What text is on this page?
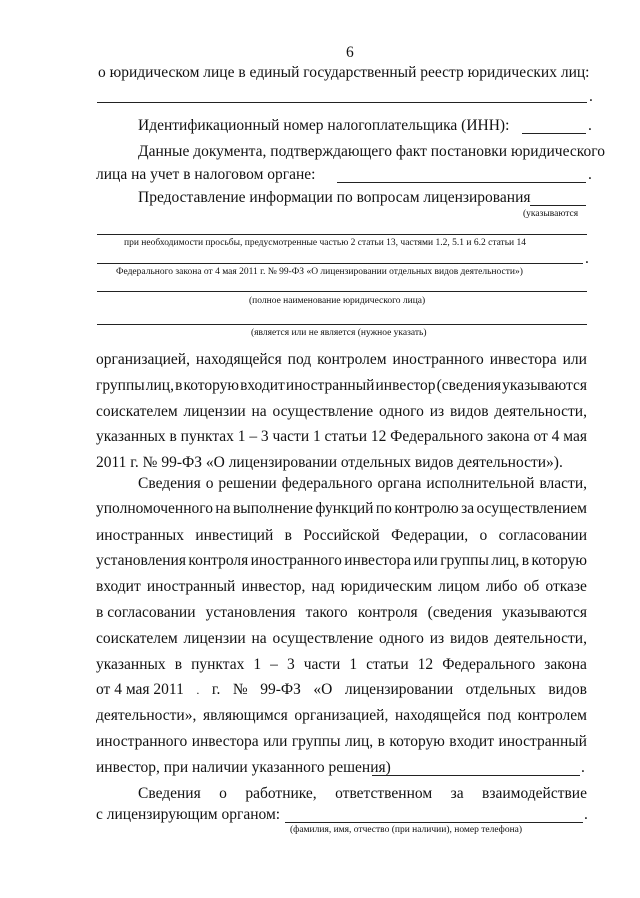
6
о юридическом лице в единый государственный реестр юридических лиц:
.
Идентификационный номер налогоплательщика (ИНН):	.
Данные документа, подтверждающего факт постановки юридического
лица на учет в налоговом органе:	.
Предоставление информации по вопросам лицензирования
(указываются
при необходимости просьбы, предусмотренные частью 2 статьи 13, частями 1.2, 5.1 и 6.2 статьи 14
.
Федерального закона от 4 мая 2011 г. № 99-ФЗ «О лицензировании отдельных видов деятельности»)
(полное наименование юридического лица)
(является или не является (нужное указать)
организацией, находящейся под контролем иностранного инвестора или
группы лиц, в которую входит иностранный инвестор (сведения указываются
соискателем лицензии на осуществление одного из видов деятельности,
указанных в пунктах 1 – 3 части 1 статьи 12 Федерального закона от 4 мая
2011 г. № 99-ФЗ «О лицензировании отдельных видов деятельности»).
Сведения о решении федерального органа исполнительной власти,
уполномоченного на выполнение функций по контролю за осуществлением
иностранных инвестиций в Российской Федерации, о согласовании
установления контроля иностранного инвестора или группы лиц, в которую
входит иностранный инвестор, над юридическим лицом либо об отказе
в согласовании установления такого контроля (сведения указываются
соискателем лицензии на осуществление одного из видов деятельности,
указанных в пунктах 1 – 3 части 1 статьи 12 Федерального закона
от 4 мая 2011 . г. № 99-ФЗ «О лицензировании отдельных видов
деятельности», являющимся организацией, находящейся под контролем
иностранного инвестора или группы лиц, в которую входит иностранный
инвестор, при наличии указанного решения)	.
Сведения о работнике, ответственном за взаимодействие
с лицензирующим органом:	.
(фамилия, имя, отчество (при наличии), номер телефона)
